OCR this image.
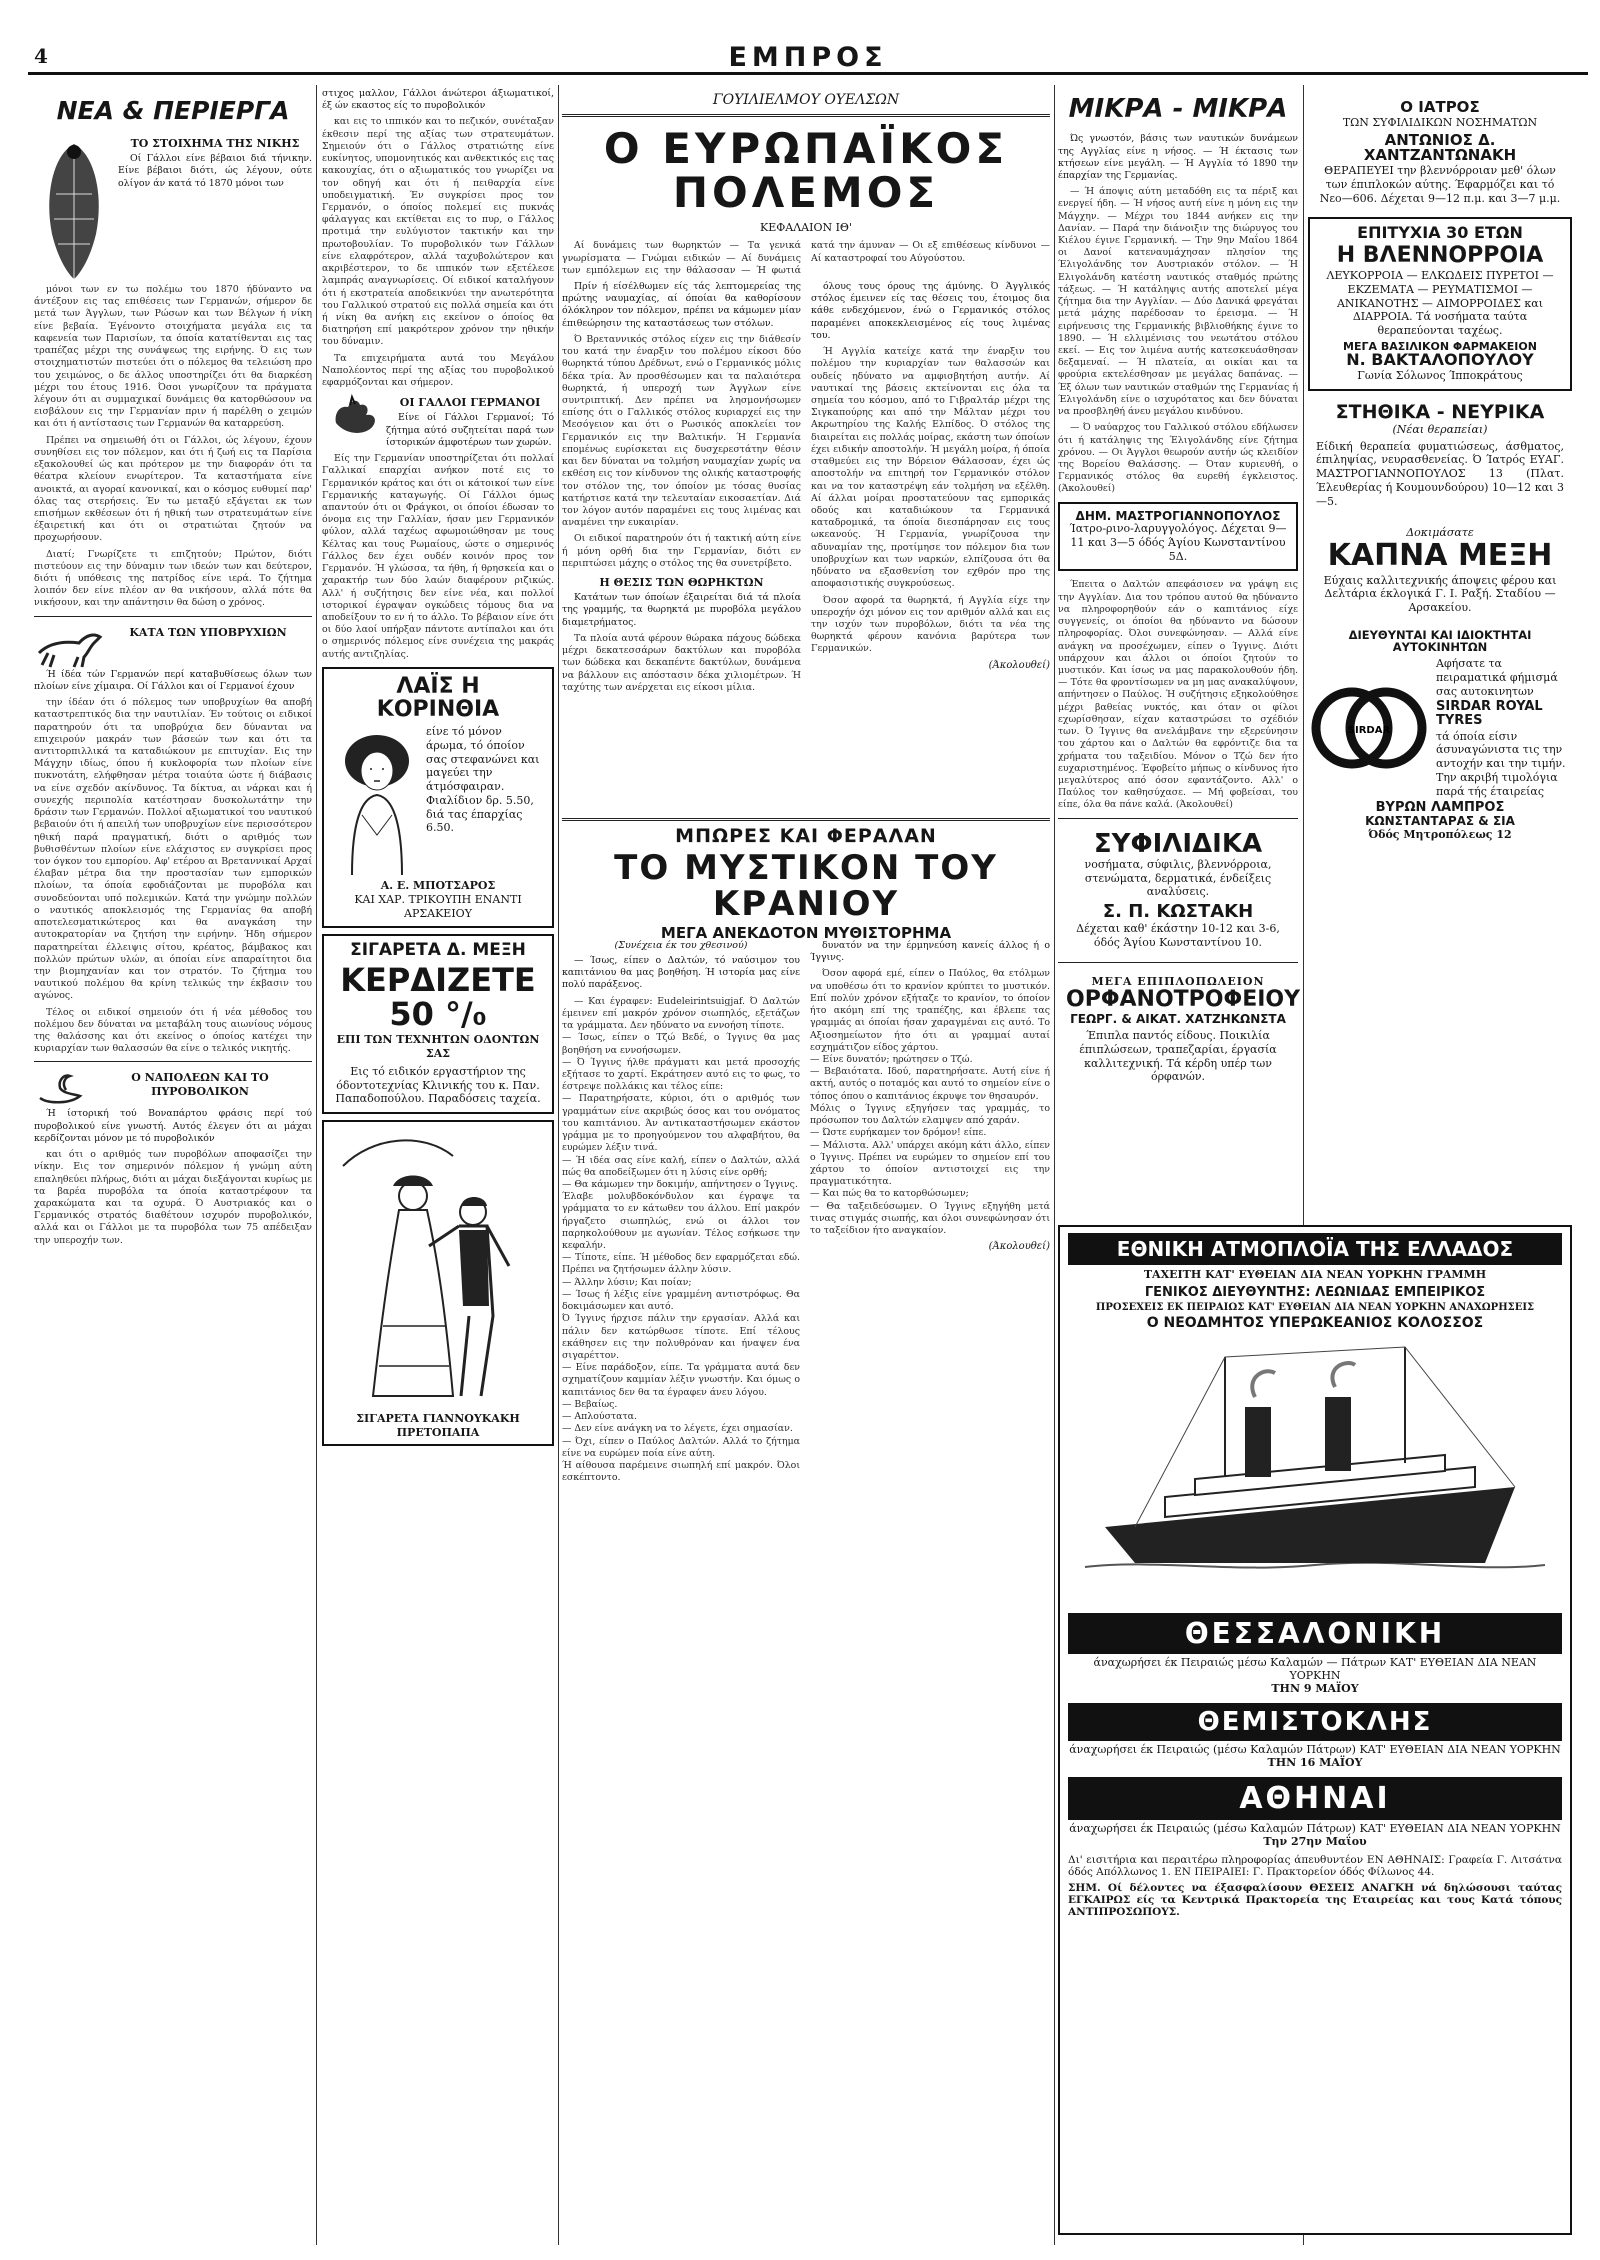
4	ΕΜΠΡΟΣ
ΝΕΑ & ΠΕΡΙΕΡΓΑ
ΤΟ ΣΤΟΙΧΗΜΑ ΤΗΣ ΝΙΚΗΣ

Οί Γάλλοι είνε βέβαιοι διά τήνικην. Είνε βέβαιοι διότι, ώς λέγουν, ούτε ολίγον άν κατά τό 1870 μόνοι των

μόνοι των εν τω πολέμω του 1870 ήδύναντο να άντέξουν εις τας επιθέσεις των Γερμανών, σήμερον δε μετά των Άγγλων, των Ρώσων και των Βέλγων ή νίκη είνε βεβαία. Έγένοντο στοιχήματα μεγάλα εις τα καφενεία των Παρισίων, τα όποία κατατίθενται εις τας τραπέζας μέχρι της συνάψεως της ειρήνης. Ό εις των στοιχηματιστών πιστεύει ότι ο πόλεμος θα τελειώση προ του χειμώνος, ο δε άλλος υποστηρίζει ότι θα διαρκέση μέχρι του έτους 1916. Όσοι γνωρίζουν τα πράγματα λέγουν ότι αι συμμαχικαί δυνάμεις θα κατορθώσουν να εισβάλουν εις την Γερμανίαν πριν ή παρέλθη ο χειμών και ότι ή αντίστασις των Γερμανών θα καταρρεύση.

Πρέπει να σημειωθή ότι οι Γάλλοι, ώς λέγουν, έχουν συνηθίσει εις τον πόλεμον, και ότι ή ζωή εις τα Παρίσια εξακολουθεί ώς και πρότερον με την διαφοράν ότι τα θέατρα κλείουν ενωρίτερον. Τα καταστήματα είνε ανοικτά, αι αγοραί κανονικαί, και ο κόσμος ευθυμεί παρ' όλας τας στερήσεις. Έν τω μεταξύ εξάγεται εκ των επισήμων εκθέσεων ότι ή ηθική των στρατευμάτων είνε έξαιρετική και ότι οι στρατιώται ζητούν να προχωρήσουν.

Διατί; Γνωρίζετε τι επιζητούν; Πρώτον, διότι πιστεύουν εις την δύναμιν των ιδεών των και δεύτερον, διότι ή υπόθεσις της πατρίδος είνε ιερά. Το ζήτημα λοιπόν δεν είνε πλέον αν θα νικήσουν, αλλά πότε θα νικήσουν, και την απάντησιν θα δώση ο χρόνος.

ΚΑΤΑ ΤΩΝ ΥΠΟΒΡΥΧΙΩΝ

Ή ίδέα τών Γερμανών περί καταβυθίσεως όλων των πλοίων είνε χίμαιρα. Οί Γάλλοι και οί Γερμανοί έχουν

την ίδέαν ότι ό πόλεμος των υποβρυχίων θα αποβή καταστρεπτικός δια την ναυτιλίαν. Έν τούτοις οι ειδικοί παρατηρούν ότι τα υποβρύχια δεν δύνανται να επιχειρούν μακράν των βάσεών των και ότι τα αντιτορπιλλικά τα καταδιώκουν με επιτυχίαν. Εις την Μάγχην ιδίως, όπου ή κυκλοφορία των πλοίων είνε πυκνοτάτη, ελήφθησαν μέτρα τοιαύτα ώστε ή διάβασις να είνε σχεδόν ακίνδυνος. Τα δίκτυα, αι νάρκαι και ή συνεχής περιπολία κατέστησαν δυσκολωτάτην την δράσιν των Γερμανών. Πολλοί αξιωματικοί του ναυτικού βεβαιούν ότι ή απειλή των υποβρυχίων είνε περισσότερον ηθική παρά πραγματική, διότι ο αριθμός των βυθισθέντων πλοίων είνε ελάχιστος εν συγκρίσει προς τον όγκον του εμπορίου. Αφ' ετέρου αι Βρεταννικαί Αρχαί έλαβαν μέτρα δια την προστασίαν των εμπορικών πλοίων, τα όποία εφοδιάζονται με πυροβόλα και συνοδεύονται υπό πολεμικών. Κατά την γνώμην πολλών ο ναυτικός αποκλεισμός της Γερμανίας θα αποβή αποτελεσματικώτερος και θα αναγκάση την αυτοκρατορίαν να ζητήση την ειρήνην. Ήδη σήμερον παρατηρείται έλλειψις σίτου, κρέατος, βάμβακος και πολλών πρώτων υλών, αι όποίαι είνε απαραίτητοι δια την βιομηχανίαν και τον στρατόν. Το ζήτημα του ναυτικού πολέμου θα κρίνη τελικώς την έκβασιν του αγώνος.

Τέλος οι ειδικοί σημειούν ότι ή νέα μέθοδος του πολέμου δεν δύναται να μεταβάλη τους αιωνίους νόμους της θαλάσσης και ότι εκείνος ο όποίος κατέχει την κυριαρχίαν των θαλασσών θα είνε ο τελικός νικητής.

Ο ΝΑΠΟΛΕΩΝ ΚΑΙ ΤΟ ΠΥΡΟΒΟΛΙΚΟΝ

Ή ίστορική τού Βοναπάρτου φράσις περί τού πυροβολικού είνε γνωστή. Αυτός έλεγεν ότι αι μάχαι κερδίζονται μόνον με τό πυροβολικόν

και ότι ο αριθμός των πυροβόλων αποφασίζει την νίκην. Εις τον σημερινόν πόλεμον ή γνώμη αύτη επαληθεύει πλήρως, διότι αι μάχαι διεξάγονται κυρίως με τα βαρέα πυροβόλα τα όποία καταστρέφουν τα χαρακώματα και τα οχυρά. Ό Αυστριακός και ο Γερμανικός στρατός διαθέτουν ισχυρόν πυροβολικόν, αλλά και οι Γάλλοι με τα πυροβόλα των 75 απέδειξαν την υπεροχήν των.

στιχος μαλλον, Γάλλοι άνώτεροι άξιωματικοί, έξ ών εκαστος είς το πυροβολικόν

και εις το ιππικόν και το πεζικόν, συνέταξαν έκθεσιν περί της αξίας των στρατευμάτων. Σημειούν ότι ο Γάλλος στρατιώτης είνε ευκίνητος, υπομονητικός και ανθεκτικός εις τας κακουχίας, ότι ο αξιωματικός του γνωρίζει να τον οδηγή και ότι ή πειθαρχία είνε υποδειγματική. Έν συγκρίσει προς τον Γερμανόν, ο όποίος πολεμεί εις πυκνάς φάλαγγας και εκτίθεται εις το πυρ, ο Γάλλος προτιμά την ευλύγιστον τακτικήν και την πρωτοβουλίαν. Το πυροβολικόν των Γάλλων είνε ελαφρότερον, αλλά ταχυβολώτερον και ακριβέστερον, το δε ιππικόν των εξετέλεσε λαμπράς αναγνωρίσεις. Οί ειδικοί καταλήγουν ότι ή εκστρατεία αποδεικνύει την ανωτερότητα του Γαλλικού στρατού εις πολλά σημεία και ότι ή νίκη θα ανήκη εις εκείνον ο όποίος θα διατηρήση επί μακρότερον χρόνον την ηθικήν του δύναμιν.

Τα επιχειρήματα αυτά του Μεγάλου Ναπολέοντος περί της αξίας του πυροβολικού εφαρμόζονται και σήμερον.

ΟΙ ΓΑΛΛΟΙ ΓΕΡΜΑΝΟΙ

Είνε οί Γάλλοι Γερμανοί; Τό ζήτημα αύτό συζητείται παρά των ίστορικών άμφοτέρων των χωρών.

Είς την Γερμανίαν υποστηρίζεται ότι πολλαί Γαλλικαί επαρχίαι ανήκον ποτέ εις το Γερμανικόν κράτος και ότι οι κάτοικοί των είνε Γερμανικής καταγωγής. Οί Γάλλοι όμως απαντούν ότι οι Φράγκοι, οι όποίοι έδωσαν το όνομα εις την Γαλλίαν, ήσαν μεν Γερμανικόν φύλον, αλλά ταχέως αφωμοιώθησαν με τους Κέλτας και τους Ρωμαίους, ώστε ο σημερινός Γάλλος δεν έχει ουδέν κοινόν προς τον Γερμανόν. Ή γλώσσα, τα ήθη, ή θρησκεία και ο χαρακτήρ των δύο λαών διαφέρουν ριζικώς. Αλλ' ή συζήτησις δεν είνε νέα, και πολλοί ιστορικοί έγραψαν ογκώδεις τόμους δια να αποδείξουν το εν ή το άλλο. Το βέβαιον είνε ότι οι δύο λαοί υπήρξαν πάντοτε αντίπαλοι και ότι ο σημερινός πόλεμος είνε συνέχεια της μακράς αυτής αντιζηλίας.

ΛΑΪΣ Η ΚΟΡΙΝΘΙΑ
είνε τό μόνον άρωμα, τό όποίον σας στεφανώνει και μαγεύει την άτμόσφαιραν. Φιαλίδιον δρ. 5.50, διά τας έπαρχίας 6.50.
Α. Ε. ΜΠΟΤΣΑΡΟΣ
ΚΑΙ ΧΑΡ. ΤΡΙΚΟΥΠΗ ΕΝΑΝΤΙ ΑΡΣΑΚΕΙΟΥ
ΣΙΓΑΡΕΤΑ Δ. ΜΕΞΗ
ΚΕΡΔΙΖΕΤΕ 50 °/₀
ΕΠΙ ΤΩΝ ΤΕΧΝΗΤΩΝ ΟΔΟΝΤΩΝ ΣΑΣ
Εις τό ειδικόν εργαστήριον της όδοντοτεχνίας Κλινικής του κ. Παν. Παπαδοπούλου. Παραδόσεις ταχεία.
ΣΙΓΑΡΕΤΑ ΓΙΑΝΝΟΥΚΑΚΗ ΠΡΕΤΟΠΑΠΑ
ΓΟΥΙΛΙΕΛΜΟΥ ΟΥΕΛΣΩΝ
Ο ΕΥΡΩΠΑΪΚΟΣ ΠΟΛΕΜΟΣ
ΚΕΦΑΛΑΙΟΝ ΙΘ'

Αί δυνάμεις των θωρηκτών — Τα γενικά γνωρίσματα — Γνώμαι ειδικών — Αί δυνάμεις των εμπόλεμων εις την θάλασσαν — Ή φωτιά κατά την άμυναν — Οι εξ επιθέσεως κίνδυνοι — Αί καταστροφαί του Αύγούστου.

Πρίν ή είσέλθωμεν είς τάς λεπτομερείας της πρώτης ναυμαχίας, αί όποίαι θα καθορίσουν όλόκληρον τον πόλεμον, πρέπει να κάμωμεν μίαν έπιθεώρησιν της καταστάσεως των στόλων.

Ό Βρεταννικός στόλος είχεν εις την διάθεσίν του κατά την έναρξιν του πολέμου είκοσι δύο θωρηκτά τύπου Δρέδνωτ, ενώ ο Γερμανικός μόλις δέκα τρία. Άν προσθέσωμεν και τα παλαιότερα θωρηκτά, ή υπεροχή των Άγγλων είνε συντριπτική. Δεν πρέπει να λησμονήσωμεν επίσης ότι ο Γαλλικός στόλος κυριαρχεί εις την Μεσόγειον και ότι ο Ρωσικός αποκλείει τον Γερμανικόν εις την Βαλτικήν. Ή Γερμανία επομένως ευρίσκεται εις δυσχερεστάτην θέσιν και δεν δύναται να τολμήση ναυμαχίαν χωρίς να εκθέση εις τον κίνδυνον της ολικής καταστροφής τον στόλον της, τον όποίον με τόσας θυσίας κατήρτισε κατά την τελευταίαν εικοσαετίαν. Διά τον λόγον αυτόν παραμένει εις τους λιμένας και αναμένει την ευκαιρίαν.

Οι ειδικοί παρατηρούν ότι ή τακτική αύτη είνε ή μόνη ορθή δια την Γερμανίαν, διότι εν περιπτώσει μάχης ο στόλος της θα συνετρίβετο.

Η ΘΕΣΙΣ ΤΩΝ ΘΩΡΗΚΤΩΝ

Κατάτων των όποίων έξαιρείται διά τά πλοία της γραμμής, τα θωρηκτά με πυροβόλα μεγάλου διαμετρήματος.

Τα πλοία αυτά φέρουν θώρακα πάχους δώδεκα μέχρι δεκατεσσάρων δακτύλων και πυροβόλα των δώδεκα και δεκαπέντε δακτύλων, δυνάμενα να βάλλουν εις απόστασιν δέκα χιλιομέτρων. Ή ταχύτης των ανέρχεται εις είκοσι μίλια.

όλους τους όρους της άμύνης. Ό Άγγλικός στόλος έμεινεν είς τας θέσεις του, έτοιμος δια κάθε ενδεχόμενον, ένώ ο Γερμανικός στόλος παραμένει αποκεκλεισμένος είς τους λιμένας του.

Ή Αγγλία κατείχε κατά την έναρξιν του πολέμου την κυριαρχίαν των θαλασσών και ουδείς ηδύνατο να αμφισβητήση αυτήν. Αί ναυτικαί της βάσεις εκτείνονται εις όλα τα σημεία του κόσμου, από το Γιβραλτάρ μέχρι της Σιγκαπούρης και από την Μάλταν μέχρι του Ακρωτηρίου της Καλής Ελπίδος. Ό στόλος της διαιρείται εις πολλάς μοίρας, εκάστη των όποίων έχει ειδικήν αποστολήν. Ή μεγάλη μοίρα, ή όποία σταθμεύει εις την Βόρειον Θάλασσαν, έχει ώς αποστολήν να επιτηρή τον Γερμανικόν στόλον και να τον καταστρέψη εάν τολμήση να εξέλθη. Αί άλλαι μοίραι προστατεύουν τας εμπορικάς οδούς και καταδιώκουν τα Γερμανικά καταδρομικά, τα όποία διεσπάρησαν εις τους ωκεανούς. Ή Γερμανία, γνωρίζουσα την αδυναμίαν της, προτίμησε τον πόλεμον δια των υποβρυχίων και των ναρκών, ελπίζουσα ότι θα ηδύνατο να εξασθενίση τον εχθρόν προ της αποφασιστικής συγκρούσεως.

Όσον αφορά τα θωρηκτά, ή Αγγλία είχε την υπεροχήν όχι μόνον εις τον αριθμόν αλλά και εις την ισχύν των πυροβόλων, διότι τα νέα της θωρηκτά φέρουν κανόνια βαρύτερα των Γερμανικών.

(Άκολουθεί)
ΜΠΩΡΕΣ ΚΑΙ ΦΕΡΑΛΑΝ
ΤΟ ΜΥΣΤΙΚΟΝ ΤΟΥ ΚΡΑΝΙΟΥ
ΜΕΓΑ ΑΝΕΚΔΟΤΟΝ ΜΥΘΙΣΤΟΡΗΜΑ
(Συνέχεια έκ του χθεσινού)

— Ίσως, είπεν ο Δαλτών, τό ναύσιμον του καπιτάνιου θα μας βοηθήση. Ή ιστορία μας είνε πολύ παράξενος.

— Και έγραφεν: Eudeleirintsuigjaf. Ό Δαλτών έμεινεν επί μακρόν χρόνον σιωπηλός, εξετάζων τα γράμματα. Δεν ηδύνατο να εννοήση τίποτε.
— Ίσως, είπεν ο Τζώ Βεδέ, ο Ίγγινς θα μας βοηθήση να εννοήσωμεν.
— Ό Ίγγινς ήλθε πράγματι και μετά προσοχής εξήτασε το χαρτί. Εκράτησεν αυτό εις το φως, το έστρεψε πολλάκις και τέλος είπε:
— Παρατηρήσατε, κύριοι, ότι ο αριθμός των γραμμάτων είνε ακριβώς όσος και του ονόματος του καπιτάνιου. Άν αντικαταστήσωμεν εκάστον γράμμα με το προηγούμενον του αλφαβήτου, θα ευρώμεν λέξιν τινά.
— Ή ιδέα σας είνε καλή, είπεν ο Δαλτών, αλλά πώς θα αποδείξωμεν ότι η λύσις είνε ορθή;
— Θα κάμωμεν την δοκιμήν, απήντησεν ο Ίγγινς.
Έλαβε μολυβδοκόνδυλον και έγραψε τα γράμματα το εν κάτωθεν του άλλου. Επί μακρόν ήργαζετο σιωπηλώς, ενώ οι άλλοι τον παρηκολούθουν με αγωνίαν. Τέλος εσήκωσε την κεφαλήν.
— Τίποτε, είπε. Ή μέθοδος δεν εφαρμόζεται εδώ. Πρέπει να ζητήσωμεν άλλην λύσιν.
— Άλλην λύσιν; Και ποίαν;
— Ίσως ή λέξις είνε γραμμένη αντιστρόφως. Θα δοκιμάσωμεν και αυτό.
Ό Ίγγινς ήρχισε πάλιν την εργασίαν. Αλλά και πάλιν δεν κατώρθωσε τίποτε. Επί τέλους εκάθησεν εις την πολυθρόναν και ήναψεν ένα σιγαρέττον.
— Είνε παράδοξον, είπε. Τα γράμματα αυτά δεν σχηματίζουν καμμίαν λέξιν γνωστήν. Και όμως ο καπιτάνιος δεν θα τα έγραφεν άνευ λόγου.
— Βεβαίως.
— Απλούστατα.
— Δεν είνε ανάγκη να το λέγετε, έχει σημασίαν.
— Όχι, είπεν ο Παύλος Δαλτών. Αλλά το ζήτημα είνε να ευρώμεν ποία είνε αύτη.
Ή αίθουσα παρέμεινε σιωπηλή επί μακρόν. Όλοι εσκέπτοντο.

δυνατόν να την έρμηνεύση κανείς άλλος ή ο Ίγγινς.

Όσον αφορά εμέ, είπεν ο Παύλος, θα ετόλμων να υποθέσω ότι το κρανίον κρύπτει το μυστικόν. Επί πολύν χρόνον εξήταζε το κρανίον, το όποίον ήτο ακόμη επί της τραπέζης, και έβλεπε τας γραμμάς αι όποίαι ήσαν χαραγμέναι εις αυτό. Το Αξιοσημείωτον ήτο ότι αι γραμμαί αυταί εσχημάτιζον είδος χάρτου.
— Είνε δυνατόν; ηρώτησεν ο Τζώ.
— Βεβαιότατα. Ιδού, παρατηρήσατε. Αυτή είνε ή ακτή, αυτός ο ποταμός και αυτό το σημείον είνε ο τόπος όπου ο καπιτάνιος έκρυψε τον θησαυρόν.
Μόλις ο Ίγγινς εξηγήσεν τας γραμμάς, το πρόσωπον του Δαλτών ελαμψεν από χαράν.
— Ώστε ευρήκαμεν τον δρόμον! είπε.
— Μάλιστα. Αλλ' υπάρχει ακόμη κάτι άλλο, είπεν ο Ίγγινς. Πρέπει να ευρώμεν το σημείον επί του χάρτου το όποίον αντιστοιχεί εις την πραγματικότητα.
— Και πώς θα το κατορθώσωμεν;
— Θα ταξειδεύσωμεν. Ο Ίγγινς εξηγήθη μετά τινας στιγμάς σιωπής, και όλοι συνεφώνησαν ότι το ταξείδιον ήτο αναγκαίον.

(Άκολουθεί)
ΜΙΚΡΑ - ΜΙΚΡΑ

Ώς γνωστόν, βάσις των ναυτικών δυνάμεων της Αγγλίας είνε η νήσος. — Ή έκτασις των κτήσεων είνε μεγάλη. — Ή Αγγλία τό 1890 την έπαρχίαν της Γερμανίας.

— Ή άποψις αύτη μεταδόθη εις τα πέριξ και ενεργεί ήδη. — Ή νήσος αυτή είνε η μόνη εις την Μάγχην. — Μέχρι του 1844 ανήκεν εις την Δανίαν. — Παρά την διάνοιξιν της διώρυγος του Κιέλου έγινε Γερμανική. — Την 9ην Μαΐου 1864 οι Δανοί κατεναυμάχησαν πλησίον της Έλιγολάνδης τον Αυστριακόν στόλον. — Ή Ελιγολάνδη κατέστη ναυτικός σταθμός πρώτης τάξεως. — Ή κατάληψις αυτής αποτελεί μέγα ζήτημα δια την Αγγλίαν. — Δύο Δανικά φρεγάται μετά μάχης παρέδοσαν το έρεισμα. — Ή ειρήνευσις της Γερμανικής βιβλιοθήκης έγινε το 1890. — Ή ελλιμένισις του νεωτάτου στόλου εκεί. — Εις τον λιμένα αυτής κατεσκευάσθησαν δεξαμεναί. — Ή πλατεία, αι οικίαι και τα φρούρια εκτελέσθησαν με μεγάλας δαπάνας. — Έξ όλων των ναυτικών σταθμών της Γερμανίας ή Έλιγολάνδη είνε ο ισχυρότατος και δεν δύναται να προσβληθή άνευ μεγάλου κινδύνου.

— Ό ναύαρχος του Γαλλικού στόλου εδήλωσεν ότι ή κατάληψις της Έλιγολάνδης είνε ζήτημα χρόνου. — Οι Άγγλοι θεωρούν αυτήν ώς κλειδίον της Βορείου Θαλάσσης. — Όταν κυριευθή, ο Γερμανικός στόλος θα ευρεθή έγκλειστος. (Άκολουθεί)

ΔΗΜ. ΜΑΣΤΡΟΓΙΑΝΝΟΠΟΥΛΟΣ
Ίατρο-ρινο-λαρυγγολόγος. Δέχεται 9—11 και 3—5 όδός Άγίου Κωνσταντίνου 5Δ.

Έπειτα ο Δαλτών απεφάσισεν να γράψη εις την Αγγλίαν. Δια του τρόπου αυτού θα ηδύναντο να πληροφορηθούν εάν ο καπιτάνιος είχε συγγενείς, οι όποίοι θα ηδύναντο να δώσουν πληροφορίας. Όλοι συνεφώνησαν. — Αλλά είνε ανάγκη να προσέχωμεν, είπεν ο Ίγγινς. Διότι υπάρχουν και άλλοι οι όποίοι ζητούν το μυστικόν. Και ίσως να μας παρακολουθούν ήδη. — Τότε θα φροντίσωμεν να μη μας ανακαλύψουν, απήντησεν ο Παύλος. Ή συζήτησις εξηκολούθησε μέχρι βαθείας νυκτός, και όταν οι φίλοι εχωρίσθησαν, είχαν καταστρώσει το σχέδιόν των. Ό Ίγγινς θα ανελάμβανε την εξερεύνησιν του χάρτου και ο Δαλτών θα εφρόντιζε δια τα χρήματα του ταξειδίου. Μόνον ο Τζώ δεν ήτο ευχαριστημένος. Έφοβείτο μήπως ο κίνδυνος ήτο μεγαλύτερος από όσον εφαντάζοντο. Αλλ' ο Παύλος τον καθησύχασε. — Μή φοβείσαι, του είπε, όλα θα πάνε καλά. (Άκολουθεί)

ΣΥΦΙΛΙΔΙΚΑ
νοσήματα, σύφιλις, βλεννόρροια, στενώματα, δερματικά, ένδείξεις αναλύσεις.
Σ. Π. ΚΩΣΤΑΚΗ
Δέχεται καθ' έκάστην 10-12 και 3-6, όδός Άγίου Κωνσταντίνου 10.
ΜΕΓΑ ΕΠΙΠΛΟΠΩΛΕΙΟΝ
ΟΡΦΑΝΟΤΡΟΦΕΙΟΥ
ΓΕΩΡΓ. & ΑΙΚΑΤ. ΧΑΤΖΗΚΩΝΣΤΑ
Έπιπλα παντός είδους. Ποικιλία έπιπλώσεων, τραπεζαρίαι, έργασία καλλιτεχνική. Τά κέρδη υπέρ των όρφανών.
Ο ΙΑΤΡΟΣ
ΤΩΝ ΣΥΦΙΛΙΔΙΚΩΝ ΝΟΣΗΜΑΤΩΝ
ΑΝΤΩΝΙΟΣ Δ. ΧΑΝΤΖΑΝΤΩΝΑΚΗ
ΘΕΡΑΠΕΥΕΙ την βλεννόρροιαν μεθ' όλων των έπιπλοκών αύτης. Έφαρμόζει και τό Νεο—606. Δέχεται 9—12 π.μ. και 3—7 μ.μ.
ΕΠΙΤΥΧΙΑ 30 ΕΤΩΝ
Η ΒΛΕΝΝΟΡΡΟΙΑ
ΛΕΥΚΟΡΡΟΙΑ — ΕΛΚΩΔΕΙΣ ΠΥΡΕΤΟΙ — ΕΚΖΕΜΑΤΑ — ΡΕΥΜΑΤΙΣΜΟΙ — ΑΝΙΚΑΝΟΤΗΣ — ΑΙΜΟΡΡΟΙΔΕΣ και ΔΙΑΡΡΟΙΑ. Τά νοσήματα ταύτα θεραπεύονται ταχέως.
ΜΕΓΑ ΒΑΣΙΛΙΚΟΝ ΦΑΡΜΑΚΕΙΟΝ
Ν. ΒΑΚΤΑΛΟΠΟΥΛΟΥ
Γωνία Σόλωνος Ίπποκράτους
ΣΤΗΘΙΚΑ - ΝΕΥΡΙΚΑ
(Νέαι θεραπείαι)
Είδική θεραπεία φυματιώσεως, άσθματος, έπιληψίας, νευρασθενείας. Ό Ίατρός ΕΥΑΓ. ΜΑΣΤΡΟΓΙΑΝΝΟΠΟΥΛΟΣ 13 (Πλατ. Έλευθερίας ή Κουμουνδούρου) 10—12 και 3—5.
Δοκιμάσατε
ΚΑΠΝΑ ΜΕΞΗ
Εύχαις καλλιτεχνικής άποψεις φέρου και Δελτάρια έκλογικά Γ. Ι. Ραξή. Σταδίου — Αρσακείου.
ΔΙΕΥΘΥΝΤΑΙ ΚΑΙ ΙΔΙΟΚΤΗΤΑΙ ΑΥΤΟΚΙΝΗΤΩΝ
SIRDAR
Αφήσατε τα πειραματικά φήμισμά σας αυτοκινητων
SIRDAR ROYAL TYRES
τά όποία είσιν άσυναγώνιστα τις την αντοχήν και την τιμήν. Την ακριβή τιμολόγια παρά τής έταιρείας
ΒΥΡΩΝ ΛΑΜΠΡΟΣ
ΚΩΝΣΤΑΝΤΑΡΑΣ & ΣΙΑ
Όδός Μητροπόλεως 12
ΕΘΝΙΚΗ ΑΤΜΟΠΛΟΪΑ ΤΗΣ ΕΛΛΑΔΟΣ
ΤΑΧΕΙΤΗ ΚΑΤ' ΕΥΘΕΙΑΝ ΔΙΑ ΝΕΑΝ ΥΟΡΚΗΝ ΓΡΑΜΜΗ
ΓΕΝΙΚΟΣ ΔΙΕΥΘΥΝΤΗΣ: ΛΕΩΝΙΔΑΣ ΕΜΠΕΙΡΙΚΟΣ
ΠΡΟΣΕΧΕΙΣ ΕΚ ΠΕΙΡΑΙΩΣ ΚΑΤ' ΕΥΘΕΙΑΝ ΔΙΑ ΝΕΑΝ ΥΟΡΚΗΝ ΑΝΑΧΩΡΗΣΕΙΣ
Ο ΝΕΟΔΜΗΤΟΣ ΥΠΕΡΩΚΕΑΝΙΟΣ ΚΟΛΟΣΣΟΣ
ΘΕΣΣΑΛΟΝΙΚΗ
άναχωρήσει έκ Πειραιώς μέσω Καλαμών — Πάτρων ΚΑΤ' ΕΥΘΕΙΑΝ ΔΙΑ ΝΕΑΝ ΥΟΡΚΗΝ
ΤΗΝ 9 ΜΑΪΟΥ
ΘΕΜΙΣΤΟΚΛΗΣ
άναχωρήσει έκ Πειραιώς (μέσω Καλαμών Πάτρων) ΚΑΤ' ΕΥΘΕΙΑΝ ΔΙΑ ΝΕΑΝ ΥΟΡΚΗΝ
ΤΗΝ 16 ΜΑΪΟΥ
ΑΘΗΝΑΙ
άναχωρήσει έκ Πειραιώς (μέσω Καλαμών Πάτρων) ΚΑΤ' ΕΥΘΕΙΑΝ ΔΙΑ ΝΕΑΝ ΥΟΡΚΗΝ
Την 27ην Μαΐου
Δι' εισιτήρια και περαιτέρω πληροφορίας άπευθυντέον ΕΝ ΑΘΗΝΑΙΣ: Γραφεία Γ. Λιτσάτνα όδός Απόλλωνος 1. ΕΝ ΠΕΙΡΑΙΕΙ: Γ. Πρακτορείον όδός Φίλωνος 44.
ΣΗΜ. Οί δέλοντες να έξασφαλίσουν ΘΕΣΕΙΣ ΑΝΑΓΚΗ νά δηλώσουσι ταύτας ΕΓΚΑΙΡΩΣ είς τα Κεντρικά Πρακτορεία της Εταιρείας και τους Κατά τόπους ΑΝΤΙΠΡΟΣΩΠΟΥΣ.
